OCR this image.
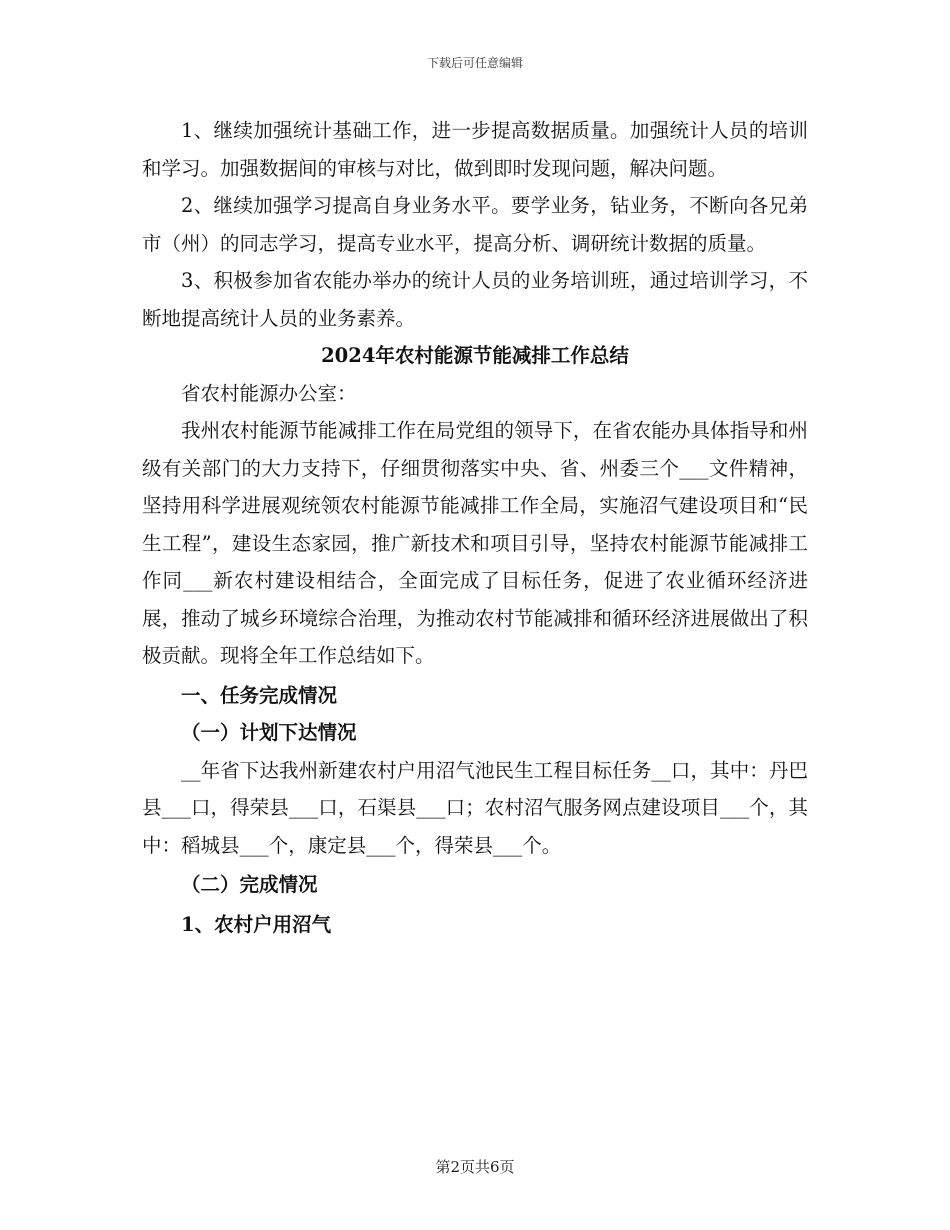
下载后可任意编辑

1、继续加强统计基础工作，进一步提高数据质量。加强统计人员的培训和学习。加强数据间的审核与对比，做到即时发现问题，解决问题。

2、继续加强学习提高自身业务水平。要学业务，钻业务，不断向各兄弟市（州）的同志学习，提高专业水平，提高分析、调研统计数据的质量。

3、积极参加省农能办举办的统计人员的业务培训班，通过培训学习，不断地提高统计人员的业务素养。

2024年农村能源节能减排工作总结

省农村能源办公室：

我州农村能源节能减排工作在局党组的领导下，在省农能办具体指导和州级有关部门的大力支持下，仔细贯彻落实中央、省、州委三个___文件精神，坚持用科学进展观统领农村能源节能减排工作全局，实施沼气建设项目和“民生工程”，建设生态家园，推广新技术和项目引导，坚持农村能源节能减排工作同___新农村建设相结合，全面完成了目标任务，促进了农业循环经济进展，推动了城乡环境综合治理，为推动农村节能减排和循环经济进展做出了积极贡献。现将全年工作总结如下。

一、任务完成情况

（一）计划下达情况

__年省下达我州新建农村户用沼气池民生工程目标任务__口，其中：丹巴县___口，得荣县___口，石渠县___口；农村沼气服务网点建设项目___个，其中：稻城县___个，康定县___个，得荣县___个。

（二）完成情况

1、农村户用沼气

第2页共6页
